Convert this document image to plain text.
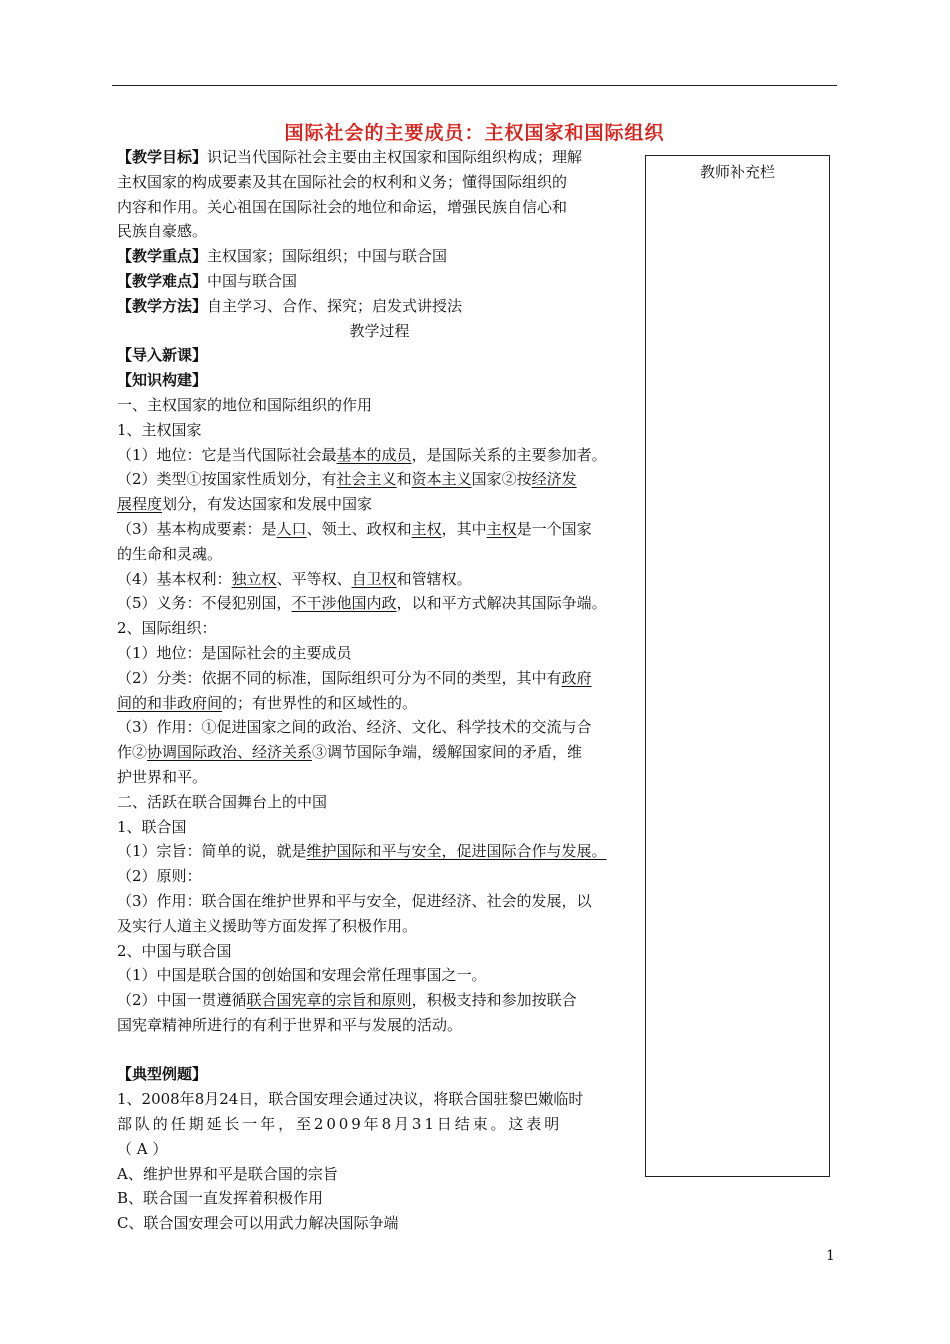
国际社会的主要成员：主权国家和国际组织
教师补充栏
【教学目标】识记当代国际社会主要由主权国家和国际组织构成；理解
主权国家的构成要素及其在国际社会的权利和义务；懂得国际组织的
内容和作用。关心祖国在国际社会的地位和命运，增强民族自信心和
民族自豪感。
【教学重点】主权国家；国际组织；中国与联合国
【教学难点】中国与联合国
【教学方法】自主学习、合作、探究；启发式讲授法
教学过程
【导入新课】
【知识构建】
一、主权国家的地位和国际组织的作用
1、主权国家
（1）地位：它是当代国际社会最基本的成员，是国际关系的主要参加者。
（2）类型①按国家性质划分，有社会主义和资本主义国家②按经济发
展程度划分，有发达国家和发展中国家
（3）基本构成要素：是人口、领土、政权和主权，其中主权是一个国家
的生命和灵魂。
（4）基本权利：独立权、平等权、自卫权和管辖权。
（5）义务：不侵犯别国，不干涉他国内政，以和平方式解决其国际争端。
2、国际组织：
（1）地位：是国际社会的主要成员
（2）分类：依据不同的标准，国际组织可分为不同的类型，其中有政府
间的和非政府间的；有世界性的和区域性的。
（3）作用：①促进国家之间的政治、经济、文化、科学技术的交流与合
作②协调国际政治、经济关系③调节国际争端，缓解国家间的矛盾，维
护世界和平。
二、活跃在联合国舞台上的中国
1、联合国
（1）宗旨：简单的说，就是维护国际和平与安全，促进国际合作与发展。
（2）原则：
（3）作用：联合国在维护世界和平与安全，促进经济、社会的发展，以
及实行人道主义援助等方面发挥了积极作用。
2、中国与联合国
（1）中国是联合国的创始国和安理会常任理事国之一。
（2）中国一贯遵循联合国宪章的宗旨和原则，积极支持和参加按联合
国宪章精神所进行的有利于世界和平与发展的活动。
【典型例题】
1、2008年8月24日，联合国安理会通过决议，将联合国驻黎巴嫩临时
部队的任期延长一年，至2009年8月31日结束。这表明
（ A ）
A、维护世界和平是联合国的宗旨
B、联合国一直发挥着积极作用
C、联合国安理会可以用武力解决国际争端
1
